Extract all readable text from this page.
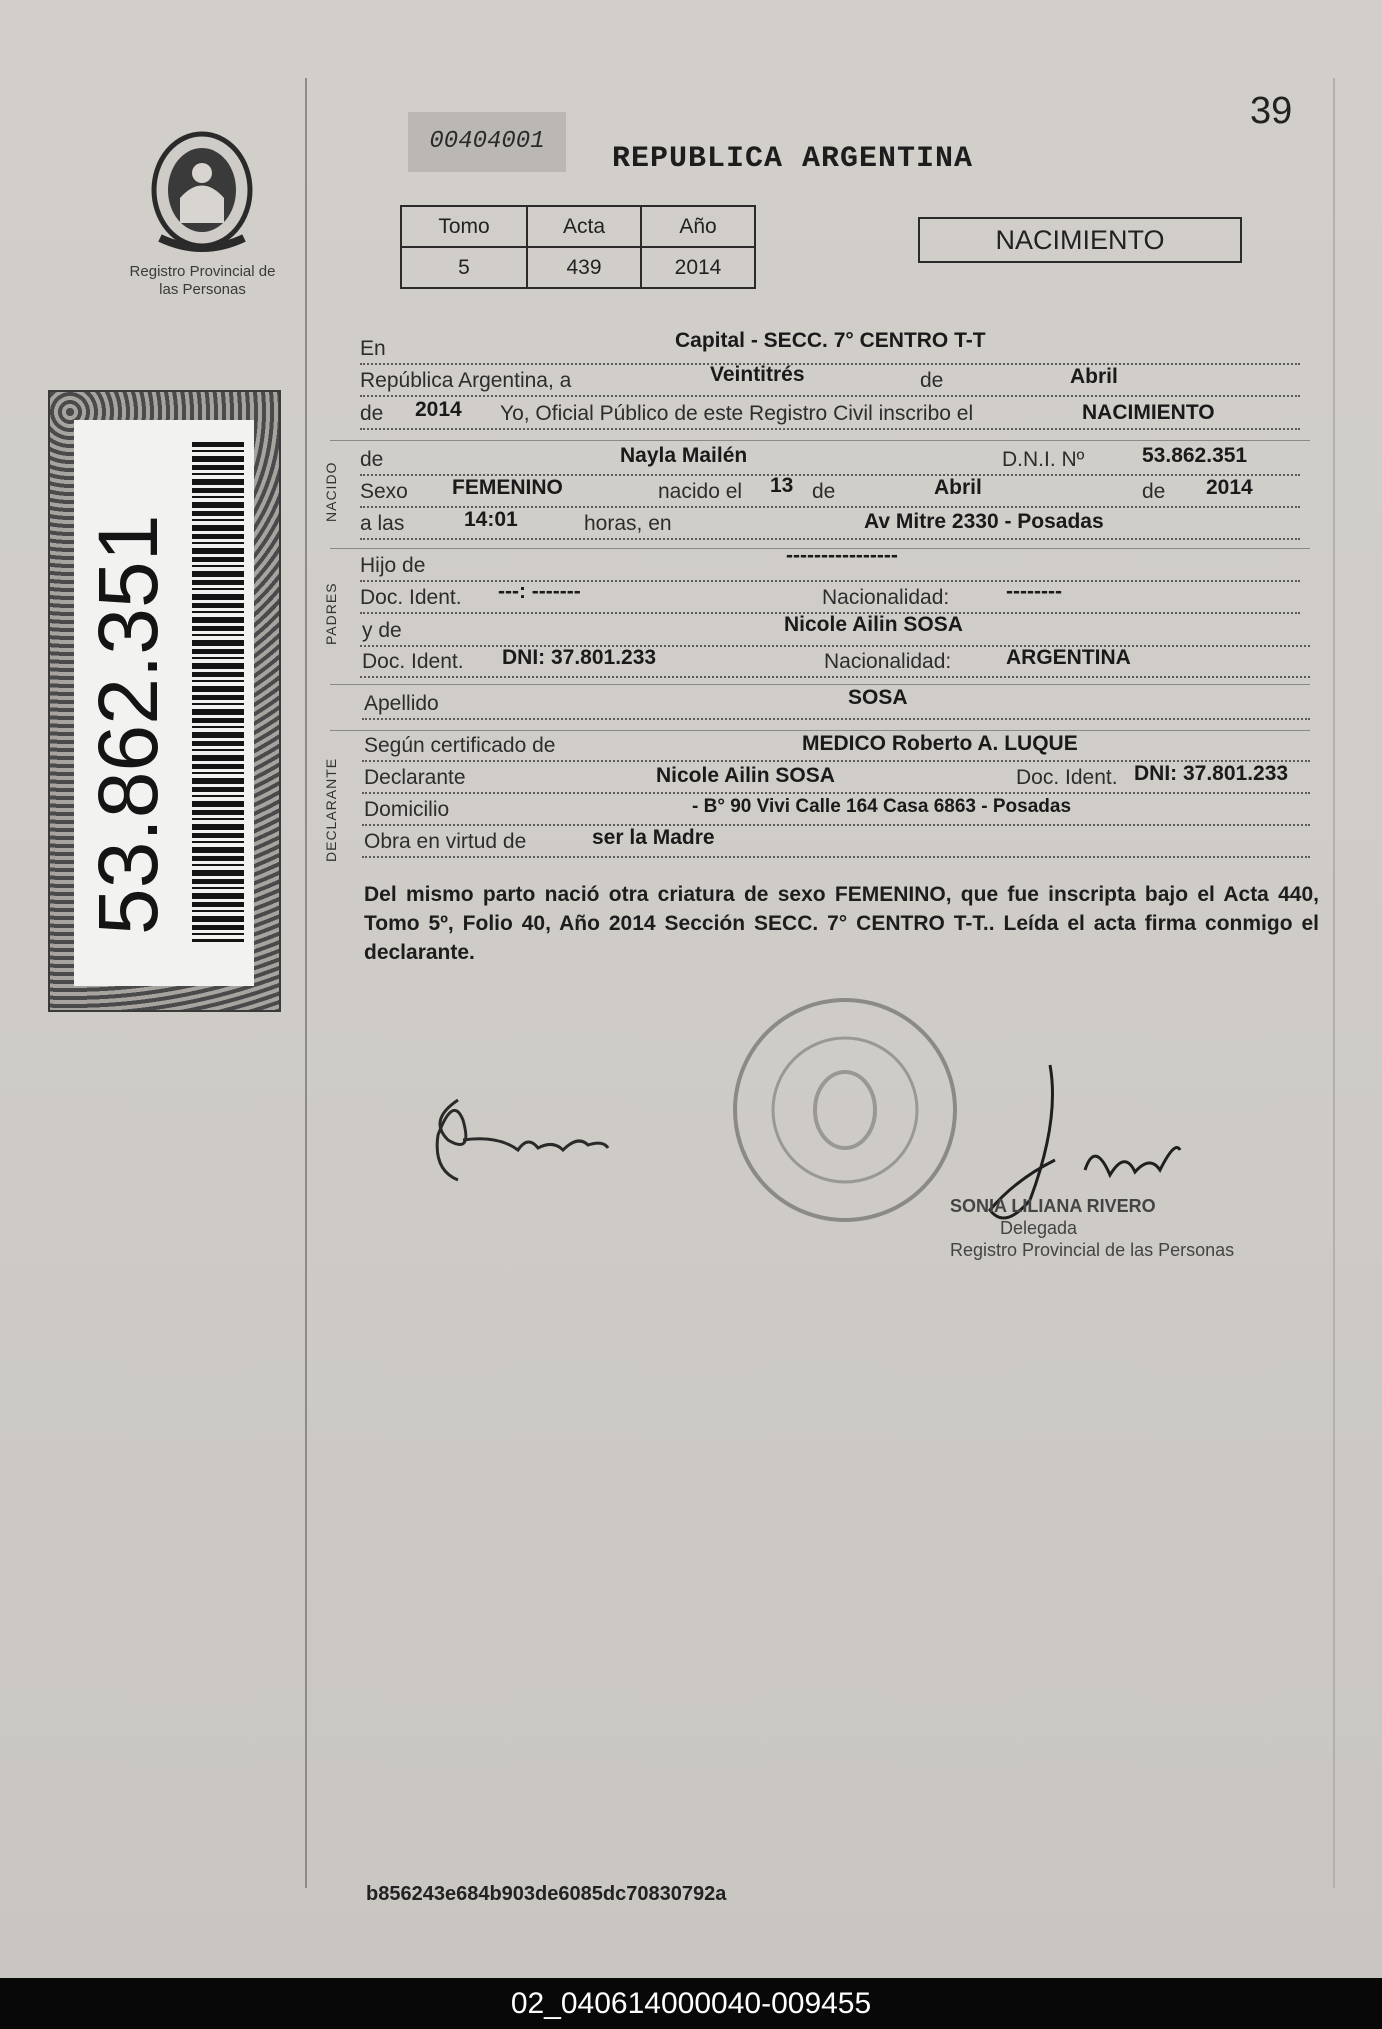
39
00404001
REPUBLICA ARGENTINA
Registro Provincial de las Personas
Tomo	Acta	Año
5	439	2014
NACIMIENTO
53.862.351
NACIDO
PADRES
DECLARANTE
En	Capital - SECC. 7° CENTRO T-T
República Argentina, a	Veintitrés	de	Abril
de 2014 Yo, Oficial Público de este Registro Civil inscribo el	NACIMIENTO
de	Nayla Mailén	D.N.I. Nº	53.862.351
Sexo FEMENINO	nacido el 13 de	Abril	de 2014
a las	14:01	horas, en	Av Mitre 2330 - Posadas
Hijo de	----------------
Doc. Ident. ---: -------	Nacionalidad:	--------
y de	Nicole Ailin SOSA
Doc. Ident. DNI: 37.801.233	Nacionalidad:	ARGENTINA
Apellido	SOSA
Según certificado de	MEDICO Roberto A. LUQUE
Declarante	Nicole Ailin SOSA	Doc. Ident. DNI: 37.801.233
Domicilio	- B° 90 Vivi Calle 164 Casa 6863 - Posadas
Obra en virtud de	ser la Madre
Del mismo parto nació otra criatura de sexo FEMENINO, que fue inscripta bajo el Acta 440, Tomo 5º, Folio 40, Año 2014 Sección SECC. 7° CENTRO T-T.. Leída el acta firma conmigo el declarante.
SONIA LILIANA RIVERO
Delegada
Registro Provincial de las Personas
b856243e684b903de6085dc70830792a
02_040614000040-009455
